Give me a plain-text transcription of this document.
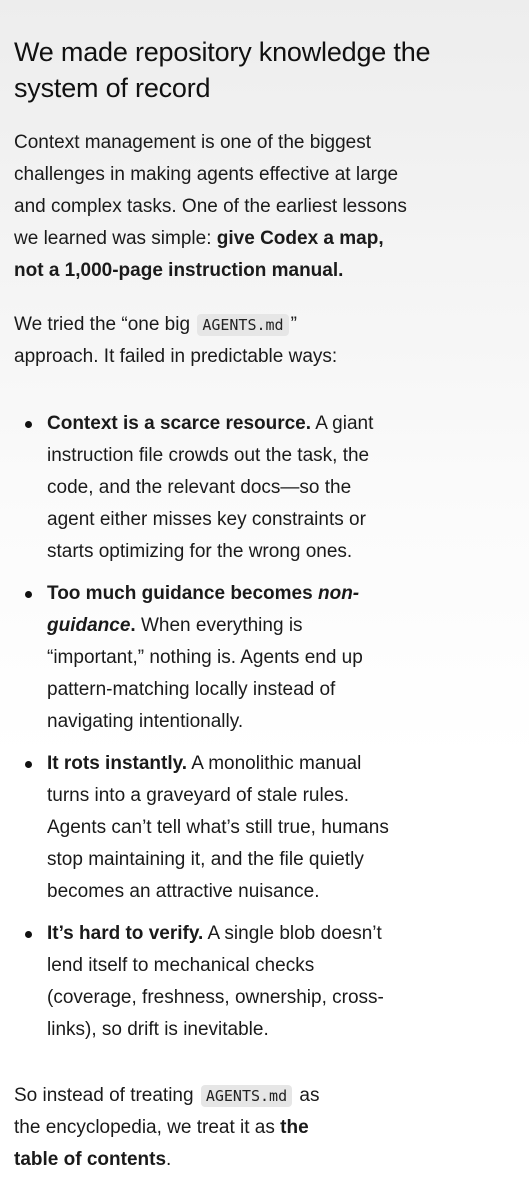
We made repository knowledge the system of record

Context management is one of the biggest challenges in making agents effective at large and complex tasks. One of the earliest lessons we learned was simple: give Codex a map, not a 1,000-page instruction manual.

We tried the “one big AGENTS.md ” approach. It failed in predictable ways:

Context is a scarce resource. A giant instruction file crowds out the task, the code, and the relevant docs—so the agent either misses key constraints or starts optimizing for the wrong ones.
Too much guidance becomes non-guidance. When everything is “important,” nothing is. Agents end up pattern-matching locally instead of navigating intentionally.
It rots instantly. A monolithic manual turns into a graveyard of stale rules. Agents can’t tell what’s still true, humans stop maintaining it, and the file quietly becomes an attractive nuisance.
It’s hard to verify. A single blob doesn’t lend itself to mechanical checks (coverage, freshness, ownership, cross-links), so drift is inevitable.

So instead of treating AGENTS.md as the encyclopedia, we treat it as the table of contents.
